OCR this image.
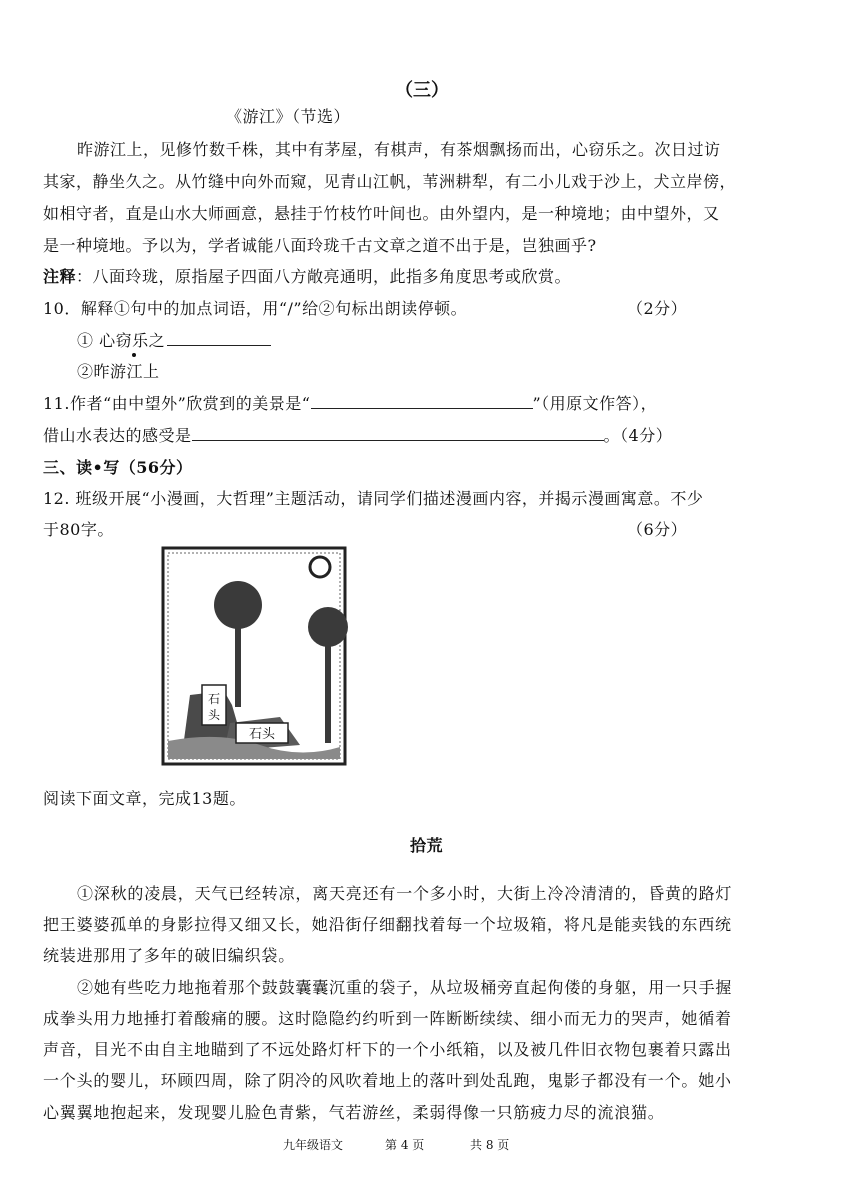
（三）
《游江》（节选）
昨游江上，见修竹数千株，其中有茅屋，有棋声，有茶烟飘扬而出，心窃乐之。次日过访
其家，静坐久之。从竹缝中向外而窥，见青山江帆，苇洲耕犁，有二小儿戏于沙上，犬立岸傍，
如相守者，直是山水大师画意，悬挂于竹枝竹叶间也。由外望内，是一种境地；由中望外，又
是一种境地。予以为，学者诚能八面玲珑千古文章之道不出于是，岂独画乎?
注释：八面玲珑，原指屋子四面八方敞亮通明，此指多角度思考或欣赏。
10．解释①句中的加点词语，用“/”给②句标出朗读停顿。	（2分）
① 心窃乐之
②昨游江上
11.作者“由中望外”欣赏到的美景是“	”（用原文作答），
借山水表达的感受是	。（4分）
三、读•写（56分）
12. 班级开展“小漫画，大哲理”主题活动，请同学们描述漫画内容，并揭示漫画寓意。不少
于80字。	（6分）
石
头
石头
阅读下面文章，完成13题。
拾荒
①深秋的凌晨，天气已经转凉，离天亮还有一个多小时，大街上冷冷清清的，昏黄的路灯
把王婆婆孤单的身影拉得又细又长，她沿街仔细翻找着每一个垃圾箱，将凡是能卖钱的东西统
统装进那用了多年的破旧编织袋。
②她有些吃力地拖着那个鼓鼓囊囊沉重的袋子，从垃圾桶旁直起佝偻的身躯，用一只手握
成拳头用力地捶打着酸痛的腰。这时隐隐约约听到一阵断断续续、细小而无力的哭声，她循着
声音，目光不由自主地瞄到了不远处路灯杆下的一个小纸箱，以及被几件旧衣物包裹着只露出
一个头的婴儿，环顾四周，除了阴冷的风吹着地上的落叶到处乱跑，鬼影子都没有一个。她小
心翼翼地抱起来，发现婴儿脸色青紫，气若游丝，柔弱得像一只筋疲力尽的流浪猫。
九年级语文	第 4 页	共 8 页
